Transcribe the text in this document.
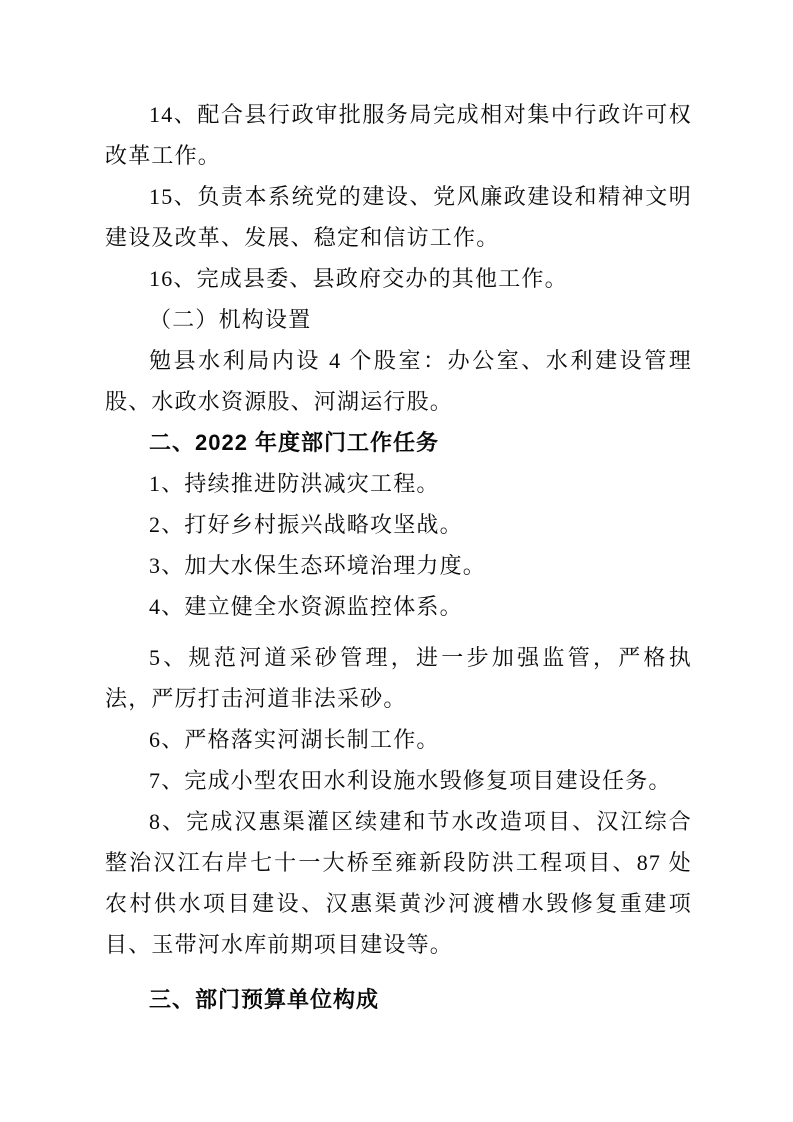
14、配合县行政审批服务局完成相对集中行政许可权改革工作。

15、负责本系统党的建设、党风廉政建设和精神文明建设及改革、发展、稳定和信访工作。

16、完成县委、县政府交办的其他工作。

（二）机构设置

勉县水利局内设 4 个股室：办公室、水利建设管理股、水政水资源股、河湖运行股。

二、2022 年度部门工作任务

1、持续推进防洪减灾工程。

2、打好乡村振兴战略攻坚战。

3、加大水保生态环境治理力度。

4、建立健全水资源监控体系。

5、规范河道采砂管理，进一步加强监管，严格执法，严厉打击河道非法采砂。

6、严格落实河湖长制工作。

7、完成小型农田水利设施水毁修复项目建设任务。

8、完成汉惠渠灌区续建和节水改造项目、汉江综合整治汉江右岸七十一大桥至雍新段防洪工程项目、87 处农村供水项目建设、汉惠渠黄沙河渡槽水毁修复重建项目、玉带河水库前期项目建设等。

三、部门预算单位构成
